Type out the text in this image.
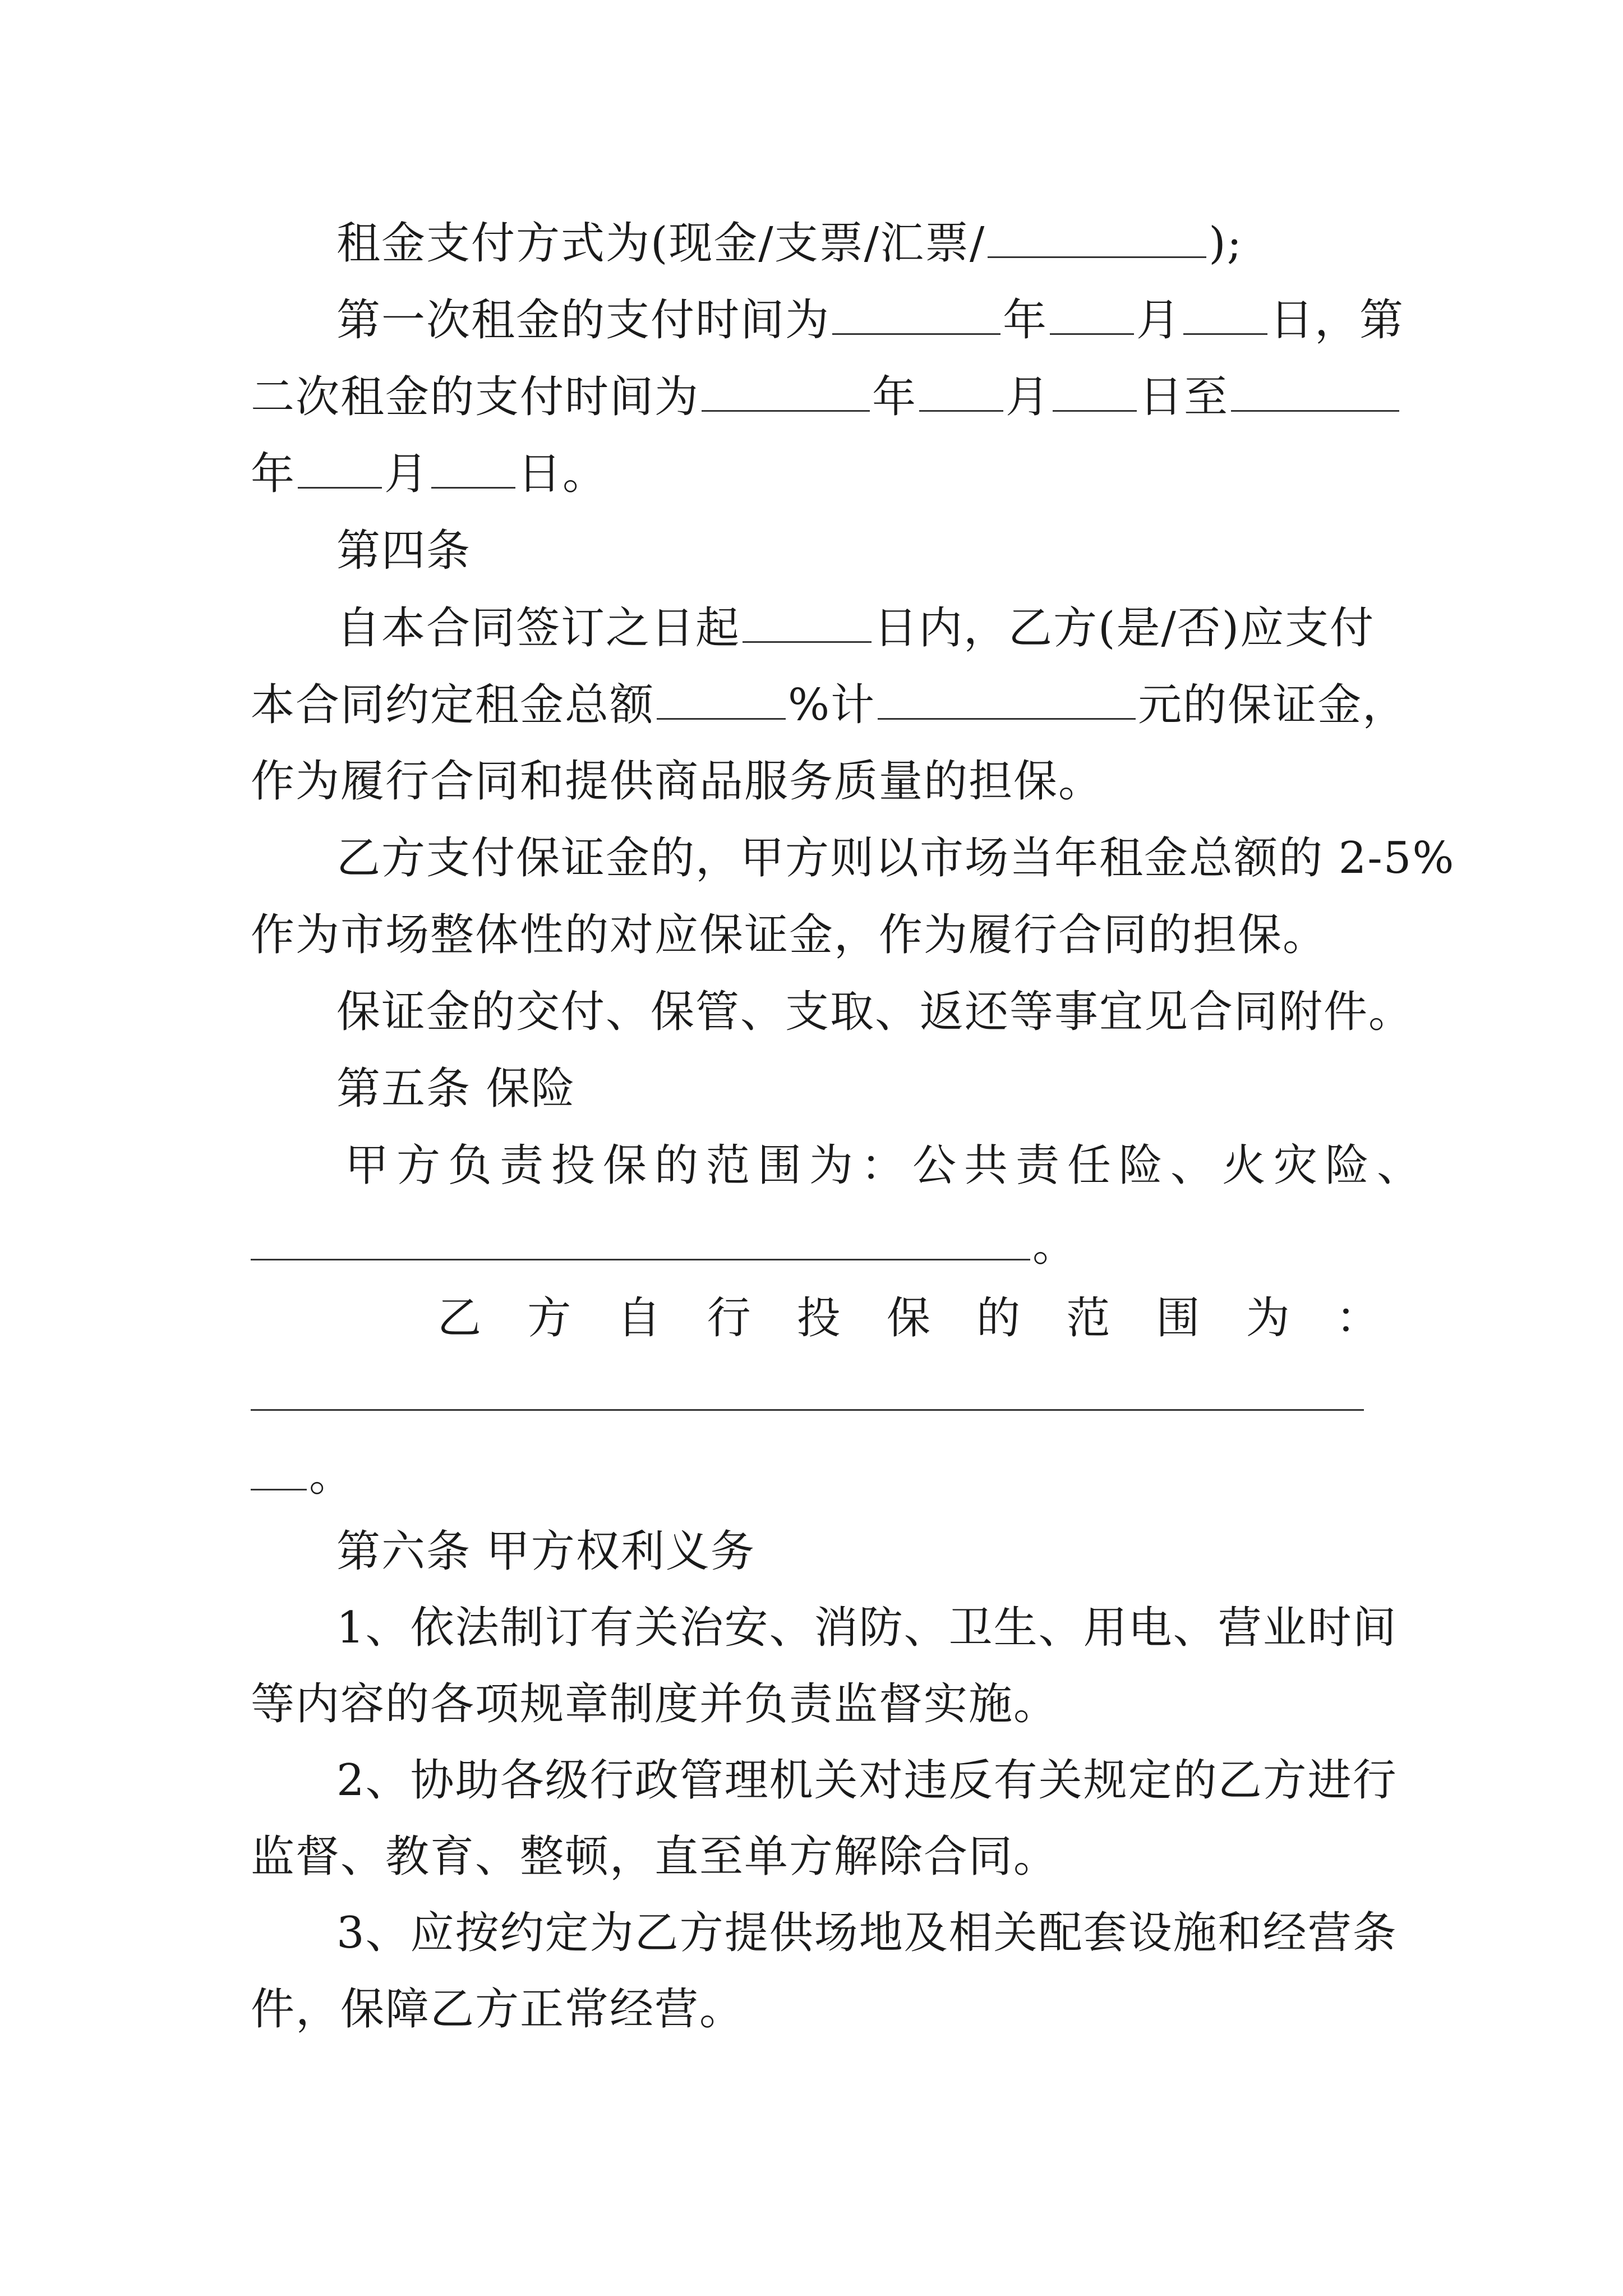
租金支付方式为(现金/支票/汇票/	);
第一次租金的支付时间为	年 月 日，第
二次租金的支付时间为	年 月 日至
年 月 日。
第四条
自本合同签订之日起	日内，乙方(是/否)应支付
本合同约定租金总额	%计	元的保证金，
作为履行合同和提供商品服务质量的担保。
乙方支付保证金的，甲方则以市场当年租金总额的 2-5%
作为市场整体性的对应保证金，作为履行合同的担保。
保证金的交付、保管、支取、返还等事宜见合同附件。
第五条 保险
甲方负责投保的范围为：公共责任险、火灾险、
。
乙 方 自 行 投 保 的 范 围 为 ：
。
第六条 甲方权利义务
1、依法制订有关治安、消防、卫生、用电、营业时间
等内容的各项规章制度并负责监督实施。
2、协助各级行政管理机关对违反有关规定的乙方进行
监督、教育、整顿，直至单方解除合同。
3、应按约定为乙方提供场地及相关配套设施和经营条
件，保障乙方正常经营。
